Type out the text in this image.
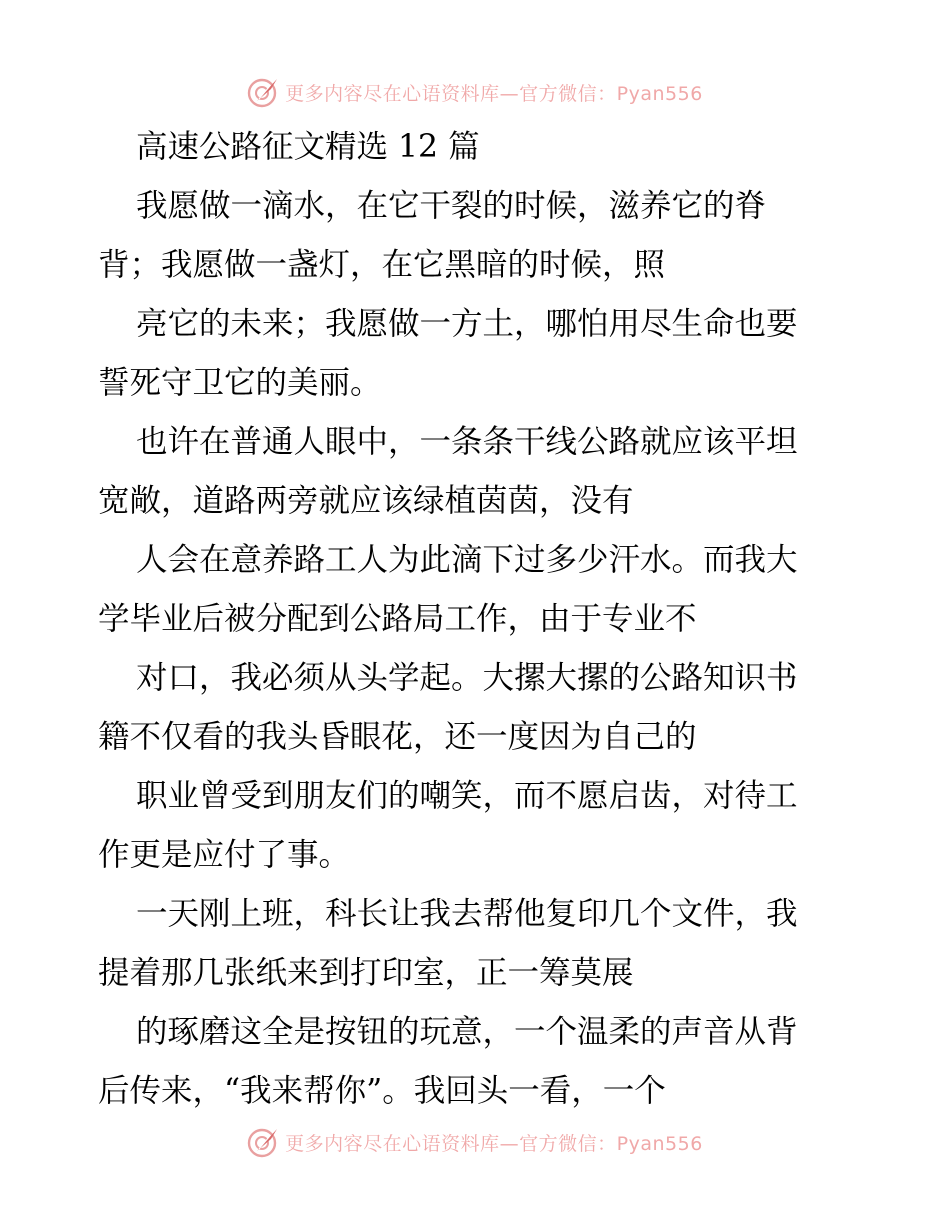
更多内容尽在心语资料库—官方微信：Pyan556
高速公路征文精选 12 篇
我愿做一滴水，在它干裂的时候，滋养它的脊
背；我愿做一盏灯，在它黑暗的时候，照
亮它的未来；我愿做一方土，哪怕用尽生命也要
誓死守卫它的美丽。
也许在普通人眼中，一条条干线公路就应该平坦
宽敞，道路两旁就应该绿植茵茵，没有
人会在意养路工人为此滴下过多少汗水。而我大
学毕业后被分配到公路局工作，由于专业不
对口，我必须从头学起。大摞大摞的公路知识书
籍不仅看的我头昏眼花，还一度因为自己的
职业曾受到朋友们的嘲笑，而不愿启齿，对待工
作更是应付了事。
一天刚上班，科长让我去帮他复印几个文件，我
提着那几张纸来到打印室，正一筹莫展
的琢磨这全是按钮的玩意，一个温柔的声音从背
后传来，“我来帮你”。我回头一看，一个
更多内容尽在心语资料库—官方微信：Pyan556
